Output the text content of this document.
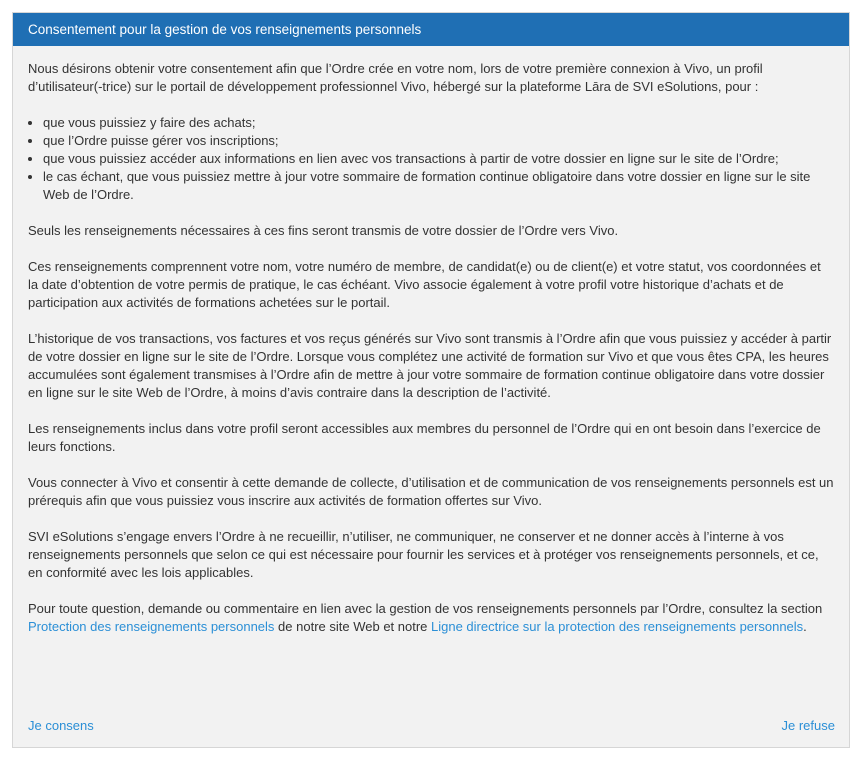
Consentement pour la gestion de vos renseignements personnels

Nous désirons obtenir votre consentement afin que l’Ordre crée en votre nom, lors de votre première connexion à Vivo, un profil d’utilisateur(-trice) sur le portail de développement professionnel Vivo, hébergé sur la plateforme Lāra de SVI eSolutions, pour :

• que vous puissiez y faire des achats;
• que l’Ordre puisse gérer vos inscriptions;
• que vous puissiez accéder aux informations en lien avec vos transactions à partir de votre dossier en ligne sur le site de l’Ordre;
• le cas échant, que vous puissiez mettre à jour votre sommaire de formation continue obligatoire dans votre dossier en ligne sur le site Web de l’Ordre.

Seuls les renseignements nécessaires à ces fins seront transmis de votre dossier de l’Ordre vers Vivo.

Ces renseignements comprennent votre nom, votre numéro de membre, de candidat(e) ou de client(e) et votre statut, vos coordonnées et la date d’obtention de votre permis de pratique, le cas échéant. Vivo associe également à votre profil votre historique d’achats et de participation aux activités de formations achetées sur le portail.

L’historique de vos transactions, vos factures et vos reçus générés sur Vivo sont transmis à l’Ordre afin que vous puissiez y accéder à partir de votre dossier en ligne sur le site de l’Ordre. Lorsque vous complétez une activité de formation sur Vivo et que vous êtes CPA, les heures accumulées sont également transmises à l’Ordre afin de mettre à jour votre sommaire de formation continue obligatoire dans votre dossier en ligne sur le site Web de l’Ordre, à moins d’avis contraire dans la description de l’activité.

Les renseignements inclus dans votre profil seront accessibles aux membres du personnel de l’Ordre qui en ont besoin dans l’exercice de leurs fonctions.

Vous connecter à Vivo et consentir à cette demande de collecte, d’utilisation et de communication de vos renseignements personnels est un prérequis afin que vous puissiez vous inscrire aux activités de formation offertes sur Vivo.

SVI eSolutions s’engage envers l’Ordre à ne recueillir, n’utiliser, ne communiquer, ne conserver et ne donner accès à l’interne à vos renseignements personnels que selon ce qui est nécessaire pour fournir les services et à protéger vos renseignements personnels, et ce, en conformité avec les lois applicables.

Pour toute question, demande ou commentaire en lien avec la gestion de vos renseignements personnels par l’Ordre, consultez la section Protection des renseignements personnels de notre site Web et notre Ligne directrice sur la protection des renseignements personnels.

Je consens	Je refuse
